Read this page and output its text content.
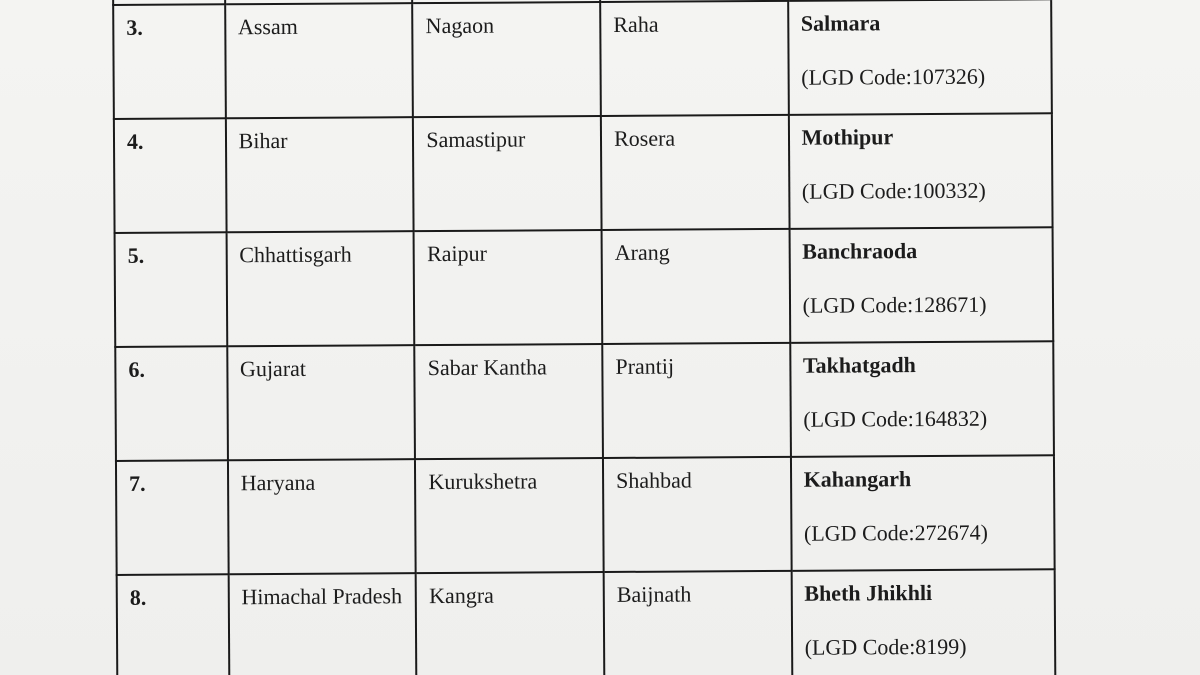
3.	Assam	Nagaon	Raha	Salmara
(LGD Code:107326)

4.	Bihar	Samastipur	Rosera	Mothipur
(LGD Code:100332)

5.	Chhattisgarh	Raipur	Arang	Banchraoda
(LGD Code:128671)

6.	Gujarat	Sabar Kantha	Prantij	Takhatgadh
(LGD Code:164832)

7.	Haryana	Kurukshetra	Shahbad	Kahangarh
(LGD Code:272674)

8.	Himachal Pradesh	Kangra	Baijnath	Bheth Jhikhli
(LGD Code:8199)
